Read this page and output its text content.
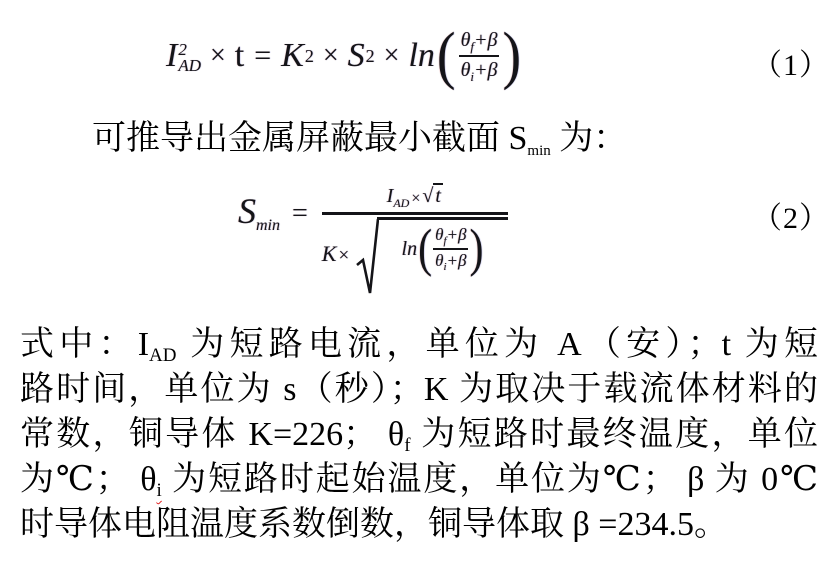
I 2
AD × t = K 2 × S 2 × ln ( $\frac{\theta_f+\beta}{\theta_i+\beta}$ )	（1）
可推导出金属屏蔽最小截面 Smin 为：
Smin =
I AD × √ t
K ×	ln ( $\frac{\theta_f+\beta}{\theta_i+\beta}$ )
（2）
式中：IAD 为短路电流，单位为 A（安）；t 为短
路时间，单位为 s（秒）；K 为取决于载流体材料的
常数，铜导体 K=226； θf 为短路时最终温度，单位
为℃； θi 为短路时起始温度，单位为℃； β 为 0℃
时导体电阻温度系数倒数，铜导体取 β =234.5。
